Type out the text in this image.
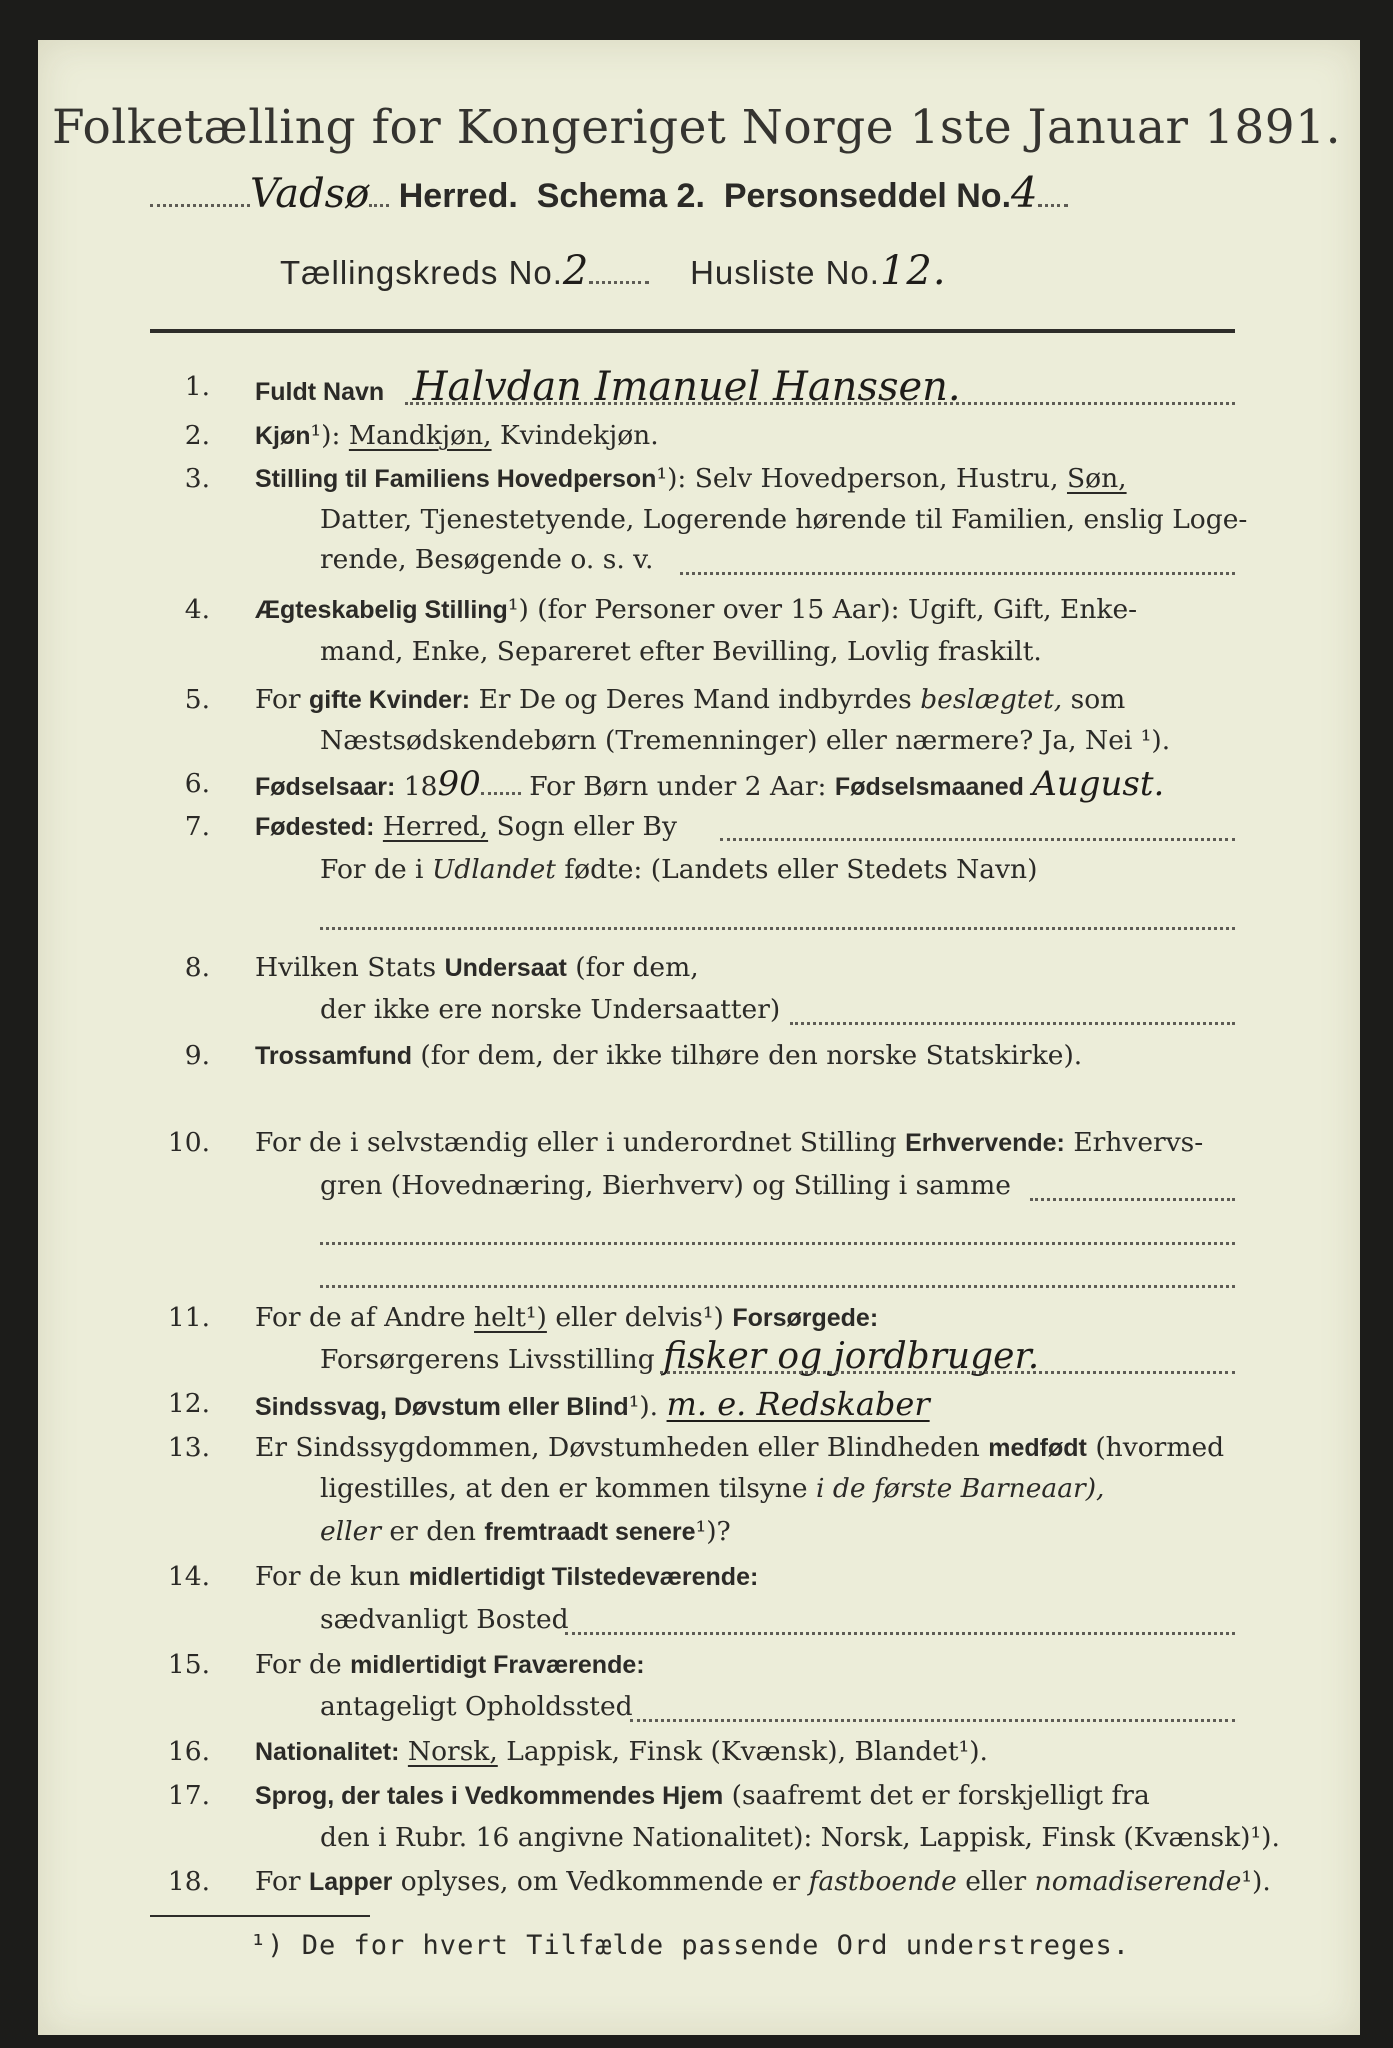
Folketælling for Kongeriget Norge 1ste Januar 1891.
Vadsø Herred. Schema 2. Personseddel No.4
Tællingskreds No.2	Husliste No.12.
1. Fuldt Navn Halvdan Imanuel Hanssen.
2. Kjøn¹): Mandkjøn, Kvindekjøn.
3. Stilling til Familiens Hovedperson¹): Selv Hovedperson, Hustru, Søn,
Datter, Tjenestetyende, Logerende hørende til Familien, enslig Loge-
rende, Besøgende o. s. v.
4. Ægteskabelig Stilling¹) (for Personer over 15 Aar): Ugift, Gift, Enke-
mand, Enke, Separeret efter Bevilling, Lovlig fraskilt.
5. For gifte Kvinder: Er De og Deres Mand indbyrdes beslægtet, som
Næstsødskendebørn (Tremenninger) eller nærmere? Ja, Nei ¹).
6. Fødselsaar: 1890 For Børn under 2 Aar: Fødselsmaaned August.
7. Fødested: Herred, Sogn eller By
For de i Udlandet fødte: (Landets eller Stedets Navn)
8. Hvilken Stats Undersaat (for dem,
der ikke ere norske Undersaatter)
9. Trossamfund (for dem, der ikke tilhøre den norske Statskirke).
10. For de i selvstændig eller i underordnet Stilling Erhvervende: Erhvervs-
gren (Hovednæring, Bierhverv) og Stilling i samme
11. For de af Andre helt¹) eller delvis¹) Forsørgede:
Forsørgerens Livsstilling fisker og jordbruger.
12. Sindssvag, Døvstum eller Blind¹). m. e. Redskaber
13. Er Sindssygdommen, Døvstumheden eller Blindheden medfødt (hvormed
ligestilles, at den er kommen tilsyne i de første Barneaar),
eller er den fremtraadt senere¹)?
14. For de kun midlertidigt Tilstedeværende:
sædvanligt Bosted
15. For de midlertidigt Fraværende:
antageligt Opholdssted
16. Nationalitet: Norsk, Lappisk, Finsk (Kvænsk), Blandet¹).
17. Sprog, der tales i Vedkommendes Hjem (saafremt det er forskjelligt fra
den i Rubr. 16 angivne Nationalitet): Norsk, Lappisk, Finsk (Kvænsk)¹).
18. For Lapper oplyses, om Vedkommende er fastboende eller nomadiserende¹).
¹) De for hvert Tilfælde passende Ord understreges.
